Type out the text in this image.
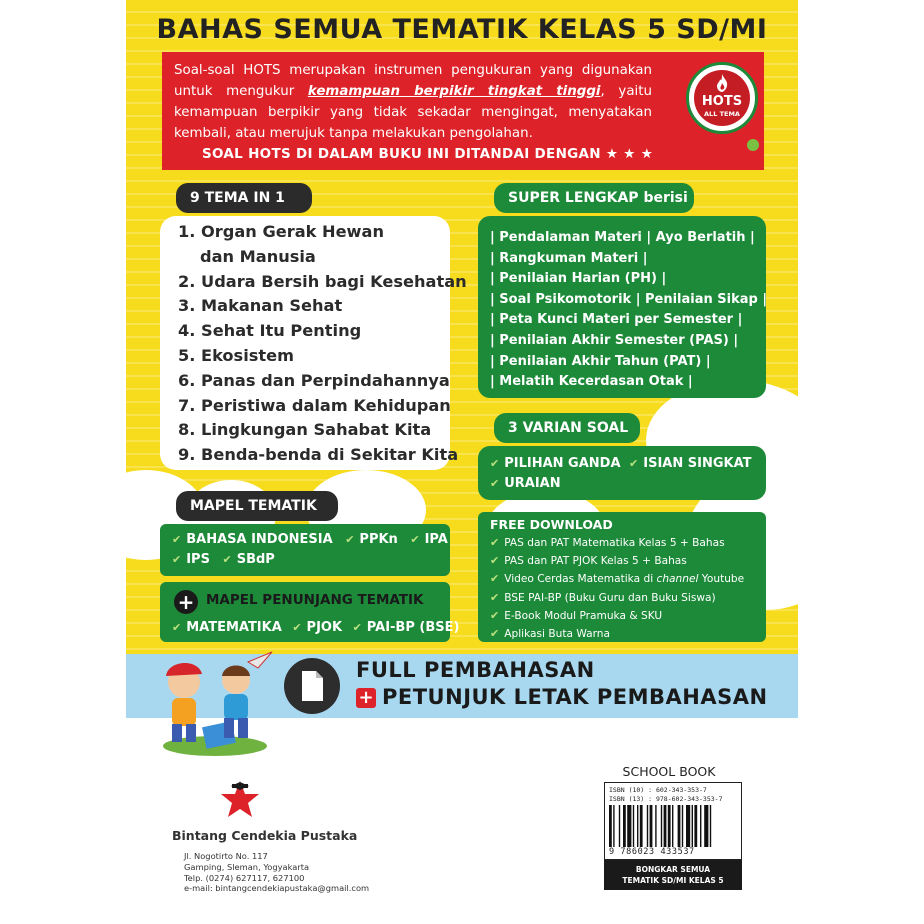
BAHAS SEMUA TEMATIK KELAS 5 SD/MI
Soal-soal HOTS merupakan instrumen pengukuran yang digunakan untuk mengukur kemampuan berpikir tingkat tinggi, yaitu kemampuan berpikir yang tidak sekadar mengingat, menyatakan kembali, atau merujuk tanpa melakukan pengolahan.
SOAL HOTS DI DALAM BUKU INI DITANDAI DENGAN ★ ★ ★
HOTS
ALL TEMA
9 TEMA IN 1
1. Organ Gerak Hewan
dan Manusia
2. Udara Bersih bagi Kesehatan
3. Makanan Sehat
4. Sehat Itu Penting
5. Ekosistem
6. Panas dan Perpindahannya
7. Peristiwa dalam Kehidupan
8. Lingkungan Sahabat Kita
9. Benda-benda di Sekitar Kita
SUPER LENGKAP berisi
| Pendalaman Materi | Ayo Berlatih |
| Rangkuman Materi |
| Penilaian Harian (PH) |
| Soal Psikomotorik | Penilaian Sikap |
| Peta Kunci Materi per Semester |
| Penilaian Akhir Semester (PAS) |
| Penilaian Akhir Tahun (PAT) |
| Melatih Kecerdasan Otak |
3 VARIAN SOAL
✔ PILIHAN GANDA ✔ ISIAN SINGKAT
✔ URAIAN
MAPEL TEMATIK
✔ BAHASA INDONESIA ✔ PPKn ✔ IPA
✔ IPS ✔ SBdP
+ MAPEL PENUNJANG TEMATIK
✔ MATEMATIKA ✔ PJOK ✔ PAI-BP (BSE)
FREE DOWNLOAD
✔ PAS dan PAT Matematika Kelas 5 + Bahas
✔ PAS dan PAT PJOK Kelas 5 + Bahas
✔ Video Cerdas Matematika di channel Youtube
✔ BSE PAI-BP (Buku Guru dan Buku Siswa)
✔ E-Book Modul Pramuka & SKU
✔ Aplikasi Buta Warna
FULL PEMBAHASAN
+ PETUNJUK LETAK PEMBAHASAN
Bintang Cendekia Pustaka
Jl. Nogotirto No. 117
Gamping, Sleman, Yogyakarta
Telp. (0274) 627117, 627100
e-mail: bintangcendekiapustaka@gmail.com
SCHOOL BOOK
ISBN (10) : 602-343-353-7
ISBN (13) : 978-602-343-353-7
9 786023 433537
BONGKAR SEMUA
TEMATIK SD/MI KELAS 5
